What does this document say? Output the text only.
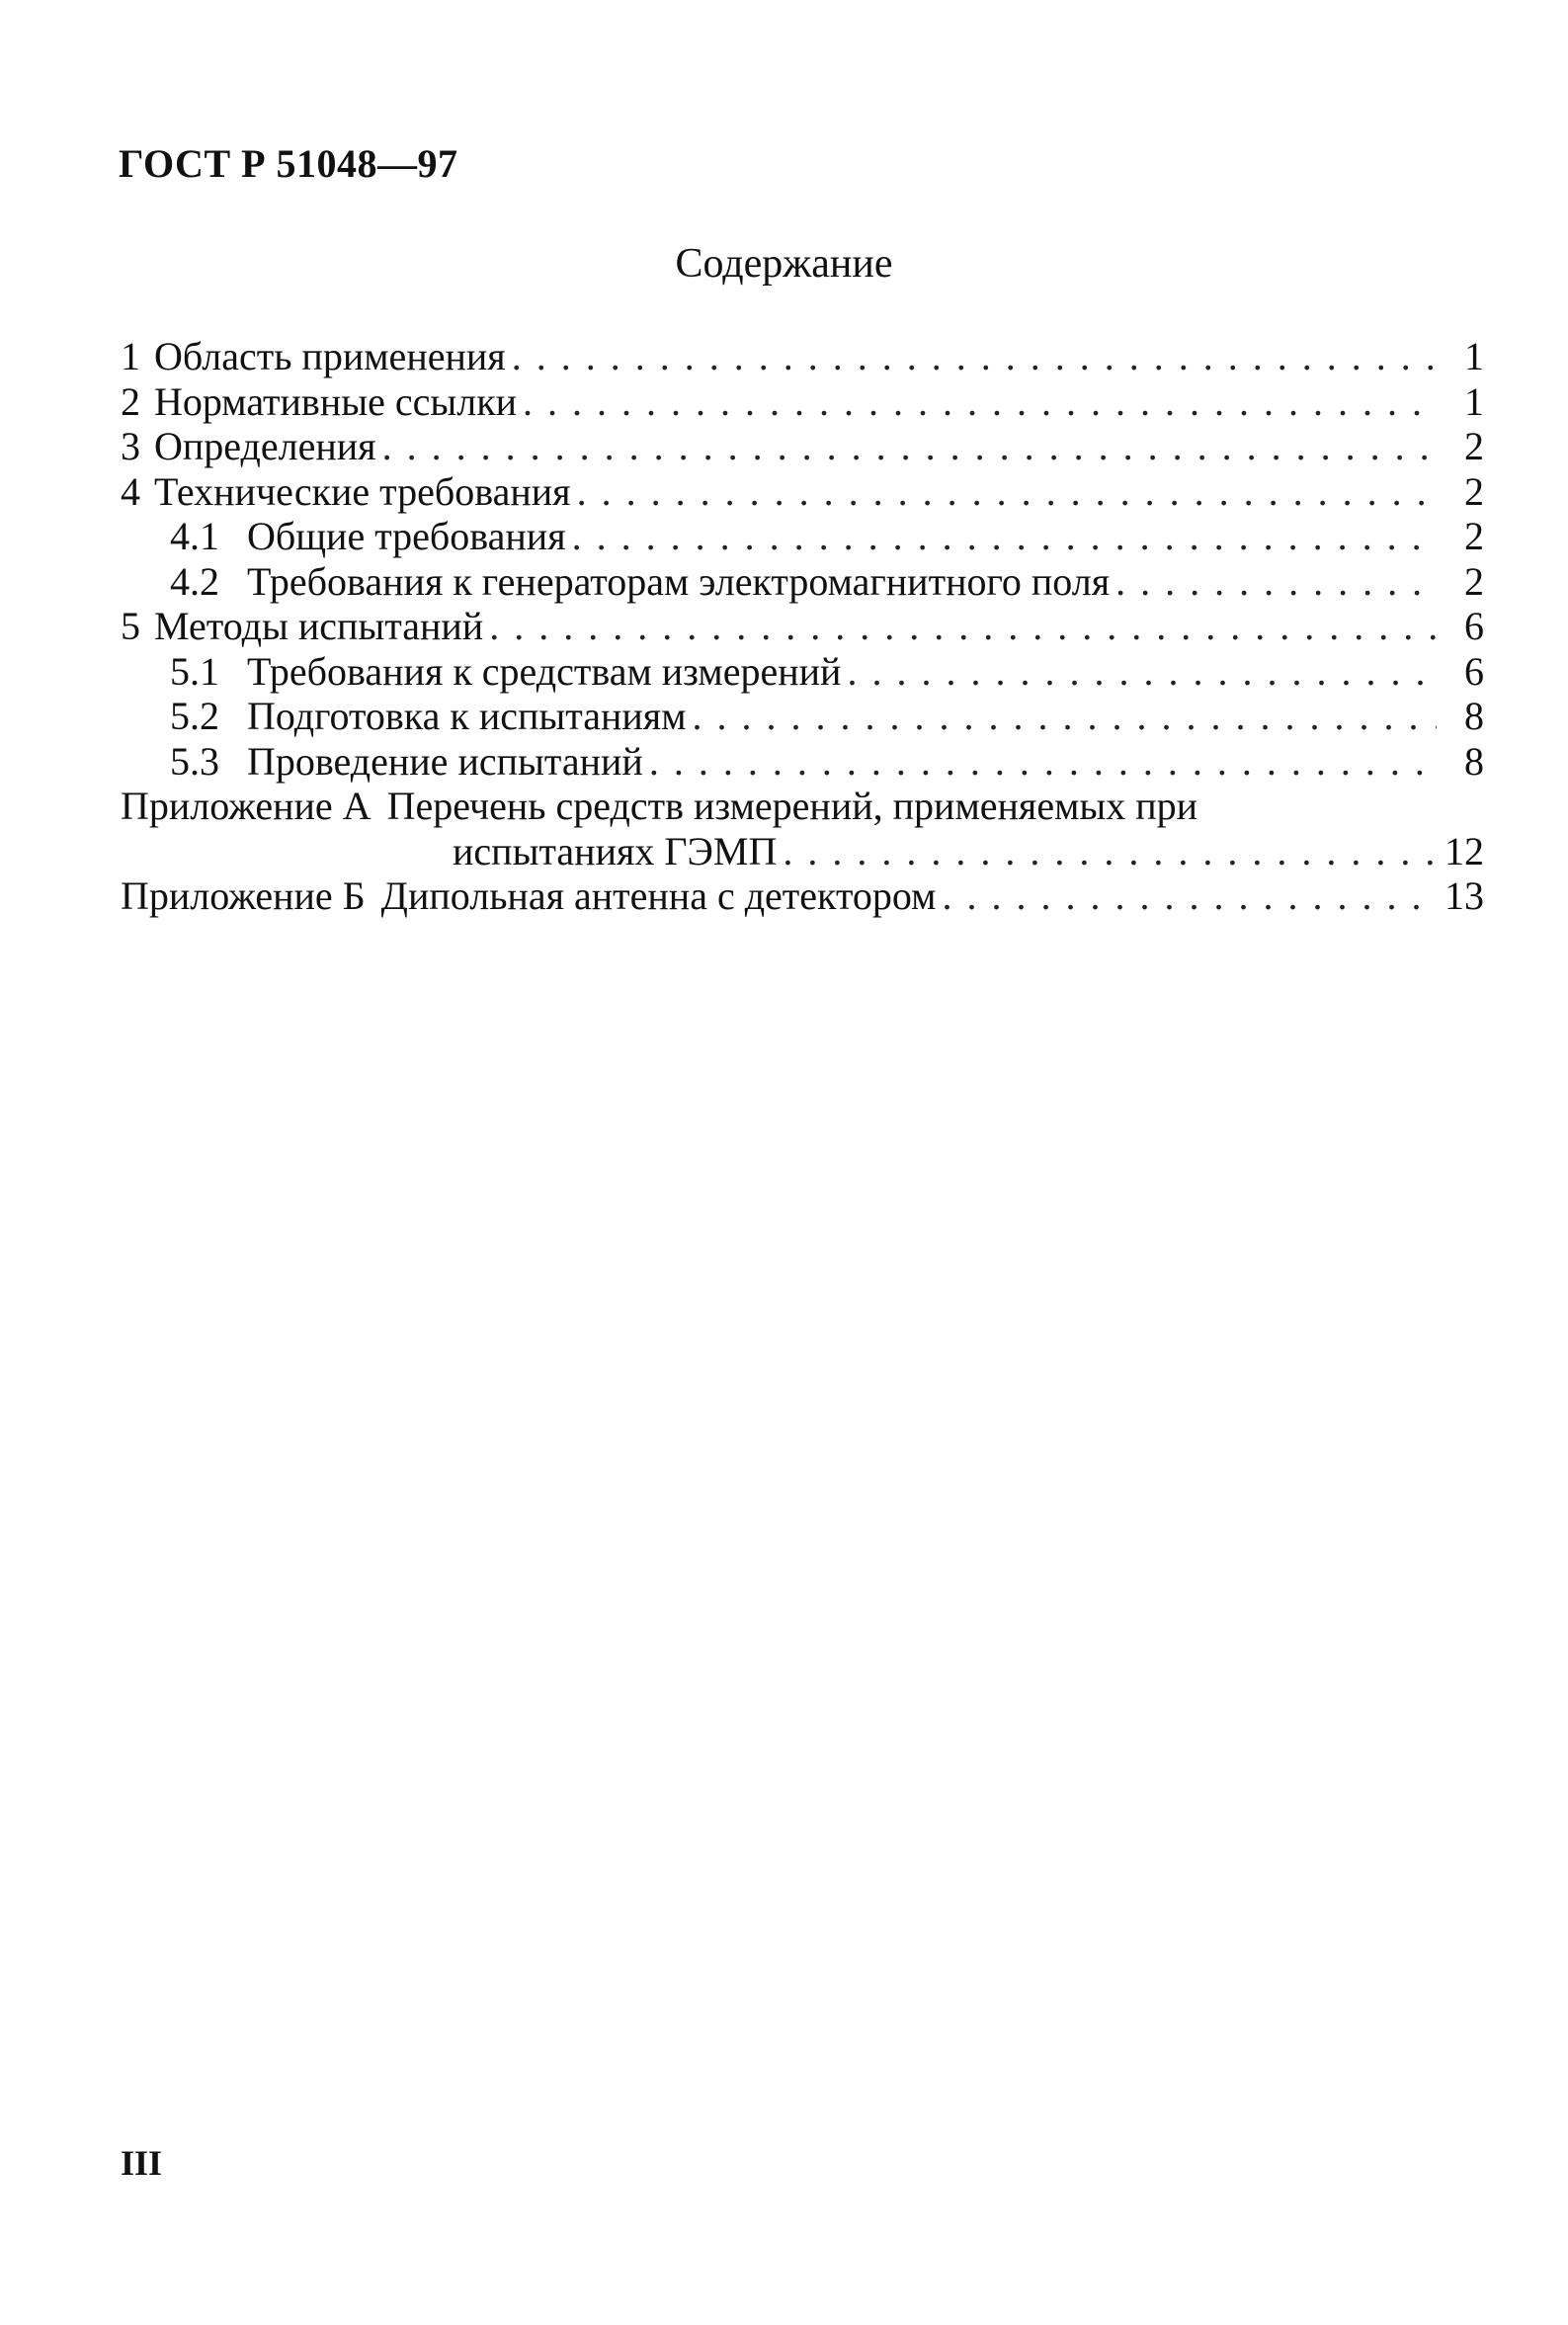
ГОСТ Р 51048—97
Содержание
1 Область применения . . .	1
2 Нормативные ссылки . . .	1
3 Определения . . .	2
4 Технические требования . . .	2
4.1 Общие требования . . .	2
4.2 Требования к генераторам электромагнитного поля . . .	2
5 Методы испытаний . . .	6
5.1 Требования к средствам измерений . . .	6
5.2 Подготовка к испытаниям . . .	8
5.3 Проведение испытаний . . .	8
Приложение А Перечень средств измерений, применяемых при
испытаниях ГЭМП . . .	12
Приложение Б Дипольная антенна с детектором . . .	13
III
